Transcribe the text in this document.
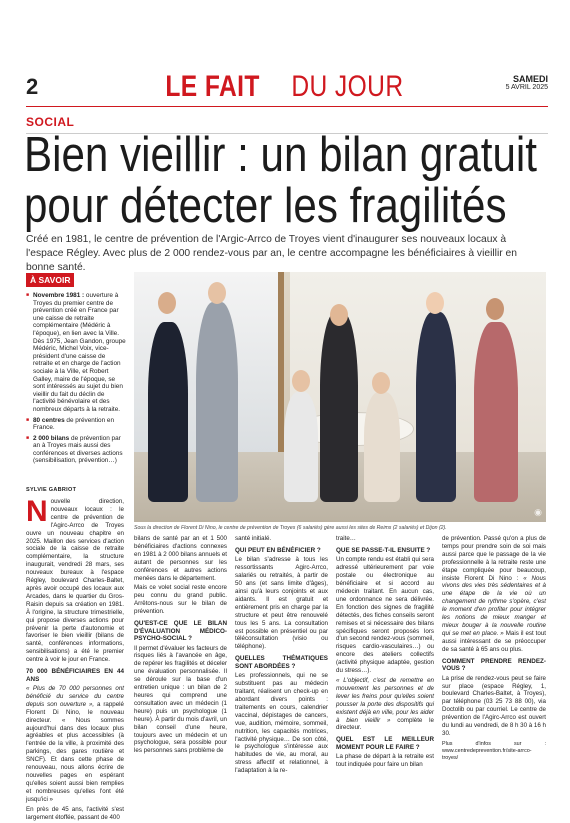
2	LE FAIT DU JOUR	SAMEDI
5 AVRIL 2025
SOCIAL
Bien vieillir : un bilan gratuit
pour détecter les fragilités

Créé en 1981, le centre de prévention de l'Argic-Arrco de Troyes vient d'inaugurer ses nouveaux locaux à l'espace Régley. Avec plus de 2 000 rendez-vous par an, le centre accompagne les bénéficiaires à vieillir en bonne santé.

À SAVOIR
■ Novembre 1981 : ouverture à Troyes du premier centre de prévention créé en France par une caisse de retraite complémentaire (Médéric à l'époque), en lien avec la Ville. Dès 1975, Jean Gandon, groupe Médéric, Michel Voix, vice-président d'une caisse de retraite et en charge de l'action sociale à la Ville, et Robert Galley, maire de l'époque, se sont intéressés au sujet du bien vieillir du fait du déclin de l'activité bénévolaire et des nombreux départs à la retraite.
■ 80 centres de prévention en France.
■ 2 000 bilans de prévention par an à Troyes mais aussi des conférences et diverses actions (sensibilisation, prévention…)
◉

Sous la direction de Florent Di Nino, le centre de prévention de Troyes (6 salariés) gère aussi les sites de Reims (2 salariés) et Dijon (2).

SYLVIE GABRIOT

Nouvelle direction, nouveaux locaux : le centre de prévention de l'Agirc-Arrco de Troyes ouvre un nouveau chapitre en 2025. Maillon des services d'action sociale de la caisse de retraite complémentaire, la structure inaugurait, vendredi 28 mars, ses nouveaux bureaux à l'espace Régley, boulevard Charles-Baltet, après avoir occupé des locaux aux Arcades, dans le quartier du Gros-Raisin depuis sa création en 1981. À l'origine, la structure trimestrielle, qui propose diverses actions pour prévenir la perte d'autonomie et favoriser le bien vieillir (bilans de santé, conférences informations, sensibilisations) a été le premier centre à voir le jour en France.

70 000 BÉNÉFICIAIRES EN 44 ANS

« Plus de 70 000 personnes ont bénéficié du service du centre depuis son ouverture », a rappelé Florent Di Nino, le nouveau directeur. « Nous sommes aujourd'hui dans des locaux plus agréables et plus accessibles (à l'entrée de la ville, à proximité des parkings, des gares routière et SNCF). Et dans cette phase de renouveau, nous allons écrire de nouvelles pages en espérant qu'elles soient aussi bien remplies et nombreuses qu'elles l'ont été jusqu'ici »

En près de 45 ans, l'activité s'est largement étoffée, passant de 400

bilans de santé par an et 1 500 bénéficiaires d'actions connexes en 1981 à 2 000 bilans annuels et autant de personnes sur les conférences et autres actions menées dans le département.

Mais ce volet social reste encore peu connu du grand public. Arrêtons-nous sur le bilan de prévention.

QU'EST-CE QUE LE BILAN D'ÉVALUATION MÉDICO-PSYCHO-SOCIAL ?

Il permet d'évaluer les facteurs de risques liés à l'avancée en âge, de repérer les fragilités et déceler une évaluation personnalisée. Il se déroule sur la base d'un entretien unique : un bilan de 2 heures qui comprend une consultation avec un médecin (1 heure) puis un psychologue (1 heure). À partir du mois d'avril, un bilan conseil d'une heure, toujours avec un médecin et un psychologue, sera possible pour les personnes sans problème de

santé initialé.

QUI PEUT EN BÉNÉFICIER ?

Le bilan s'adresse à tous les ressortissants Agirc-Arrco, salariés ou retraités, à partir de 50 ans (et sans limite d'âges), ainsi qu'à leurs conjoints et aux aidants. Il est gratuit et entièrement pris en charge par la structure et peut être renouvelé tous les 5 ans. La consultation est possible en présentiel ou par téléconsultation (visio ou téléphone).

QUELLES THÉMATIQUES SONT ABORDÉES ?

Les professionnels, qui ne se substituent pas au médecin traitant, réalisent un check-up en abordant divers points : traitements en cours, calendrier vaccinal, dépistages de cancers, vue, audition, mémoire, sommeil, nutrition, les capacités motrices, l'activité physique… De son côté, le psychologue s'intéresse aux habitudes de vie, au moral, au stress affectif et relationnel, à l'adaptation à la re-

traite…

QUE SE PASSE-T-IL ENSUITE ?

Un compte rendu est établi qui sera adressé ultérieurement par voie postale ou électronique au bénéficiaire et si accord au médecin traitant. En aucun cas, une ordonnance ne sera délivrée. En fonction des signes de fragilité détectés, des fiches conseils seront remises et si nécessaire des bilans spécifiques seront proposés lors d'un second rendez-vous (sommeil, risques cardio-vasculaires…) ou encore des ateliers collectifs (activité physique adaptée, gestion du stress…).

« L'objectif, c'est de remettre en mouvement les personnes et de lever les freins pour qu'elles soient pousser la porte des dispositifs qui existent déjà en ville, pour les aider à bien vieillir » complète le directeur.

QUEL EST LE MEILLEUR MOMENT POUR LE FAIRE ?

La phase de départ à la retraite est tout indiquée pour faire un bilan

de prévention. Passé qu'on a plus de temps pour prendre soin de soi mais aussi parce que le passage de la vie professionnelle à la retraite reste une étape compliquée pour beaucoup, insiste Florent Di Nino : « Nous vivons des vies très sédentaires et à une étape de la vie où un changement de rythme s'opère, c'est le moment d'en profiter pour intégrer les notions de mieux manger et mieux bouger à la nouvelle routine qui se met en place. » Mais il est tout aussi intéressant de se préoccuper de sa santé à 65 ans ou plus.

COMMENT PRENDRE RENDEZ-VOUS ?

La prise de rendez-vous peut se faire sur place (espace Régley, 1, boulevard Charles-Baltet, à Troyes), par téléphone (03 25 73 88 00), via Doctolib ou par courriel. Le centre de prévention de l'Agirc-Arrco est ouvert du lundi au vendredi, de 8 h 30 à 16 h 30.

Plus d'infos sur : www.centredeprevention.fr/site-arrco-troyes/
